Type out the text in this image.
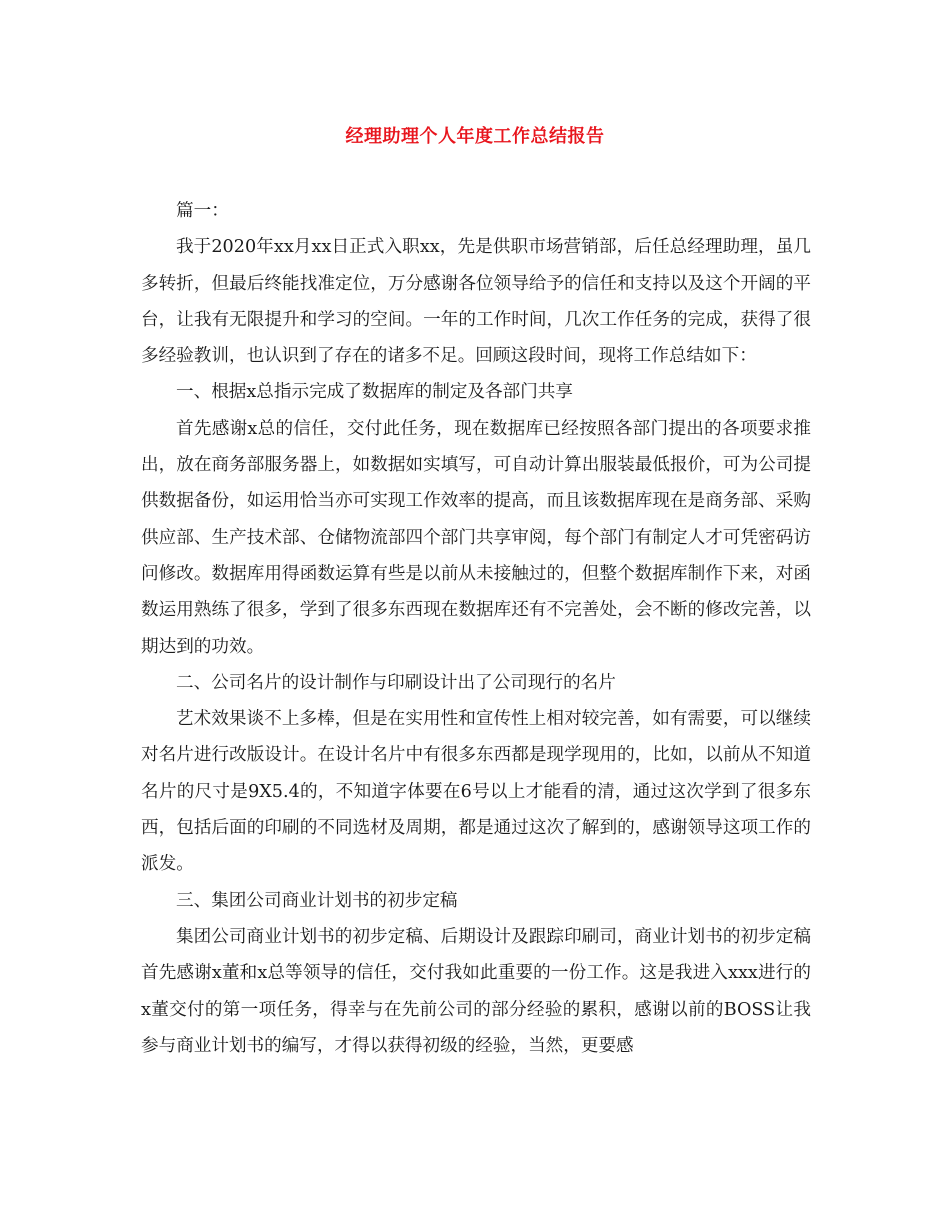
经理助理个人年度工作总结报告

篇一：

我于2020年xx月xx日正式入职xx，先是供职市场营销部，后任总经理助理，虽几多转折，但最后终能找准定位，万分感谢各位领导给予的信任和支持以及这个开阔的平台，让我有无限提升和学习的空间。一年的工作时间，几次工作任务的完成，获得了很多经验教训，也认识到了存在的诸多不足。回顾这段时间，现将工作总结如下：

一、根据x总指示完成了数据库的制定及各部门共享

首先感谢x总的信任，交付此任务，现在数据库已经按照各部门提出的各项要求推出，放在商务部服务器上，如数据如实填写，可自动计算出服装最低报价，可为公司提供数据备份，如运用恰当亦可实现工作效率的提高，而且该数据库现在是商务部、采购供应部、生产技术部、仓储物流部四个部门共享审阅，每个部门有制定人才可凭密码访问修改。数据库用得函数运算有些是以前从未接触过的，但整个数据库制作下来，对函数运用熟练了很多，学到了很多东西现在数据库还有不完善处，会不断的修改完善，以期达到的功效。

二、公司名片的设计制作与印刷设计出了公司现行的名片

艺术效果谈不上多棒，但是在实用性和宣传性上相对较完善，如有需要，可以继续对名片进行改版设计。在设计名片中有很多东西都是现学现用的，比如，以前从不知道名片的尺寸是9X5.4的，不知道字体要在6号以上才能看的清，通过这次学到了很多东西，包括后面的印刷的不同选材及周期，都是通过这次了解到的，感谢领导这项工作的派发。

三、集团公司商业计划书的初步定稿

集团公司商业计划书的初步定稿、后期设计及跟踪印刷司，商业计划书的初步定稿首先感谢x董和x总等领导的信任，交付我如此重要的一份工作。这是我进入xxx进行的x董交付的第一项任务，得幸与在先前公司的部分经验的累积，感谢以前的BOSS让我参与商业计划书的编写，才得以获得初级的经验，当然，更要感
